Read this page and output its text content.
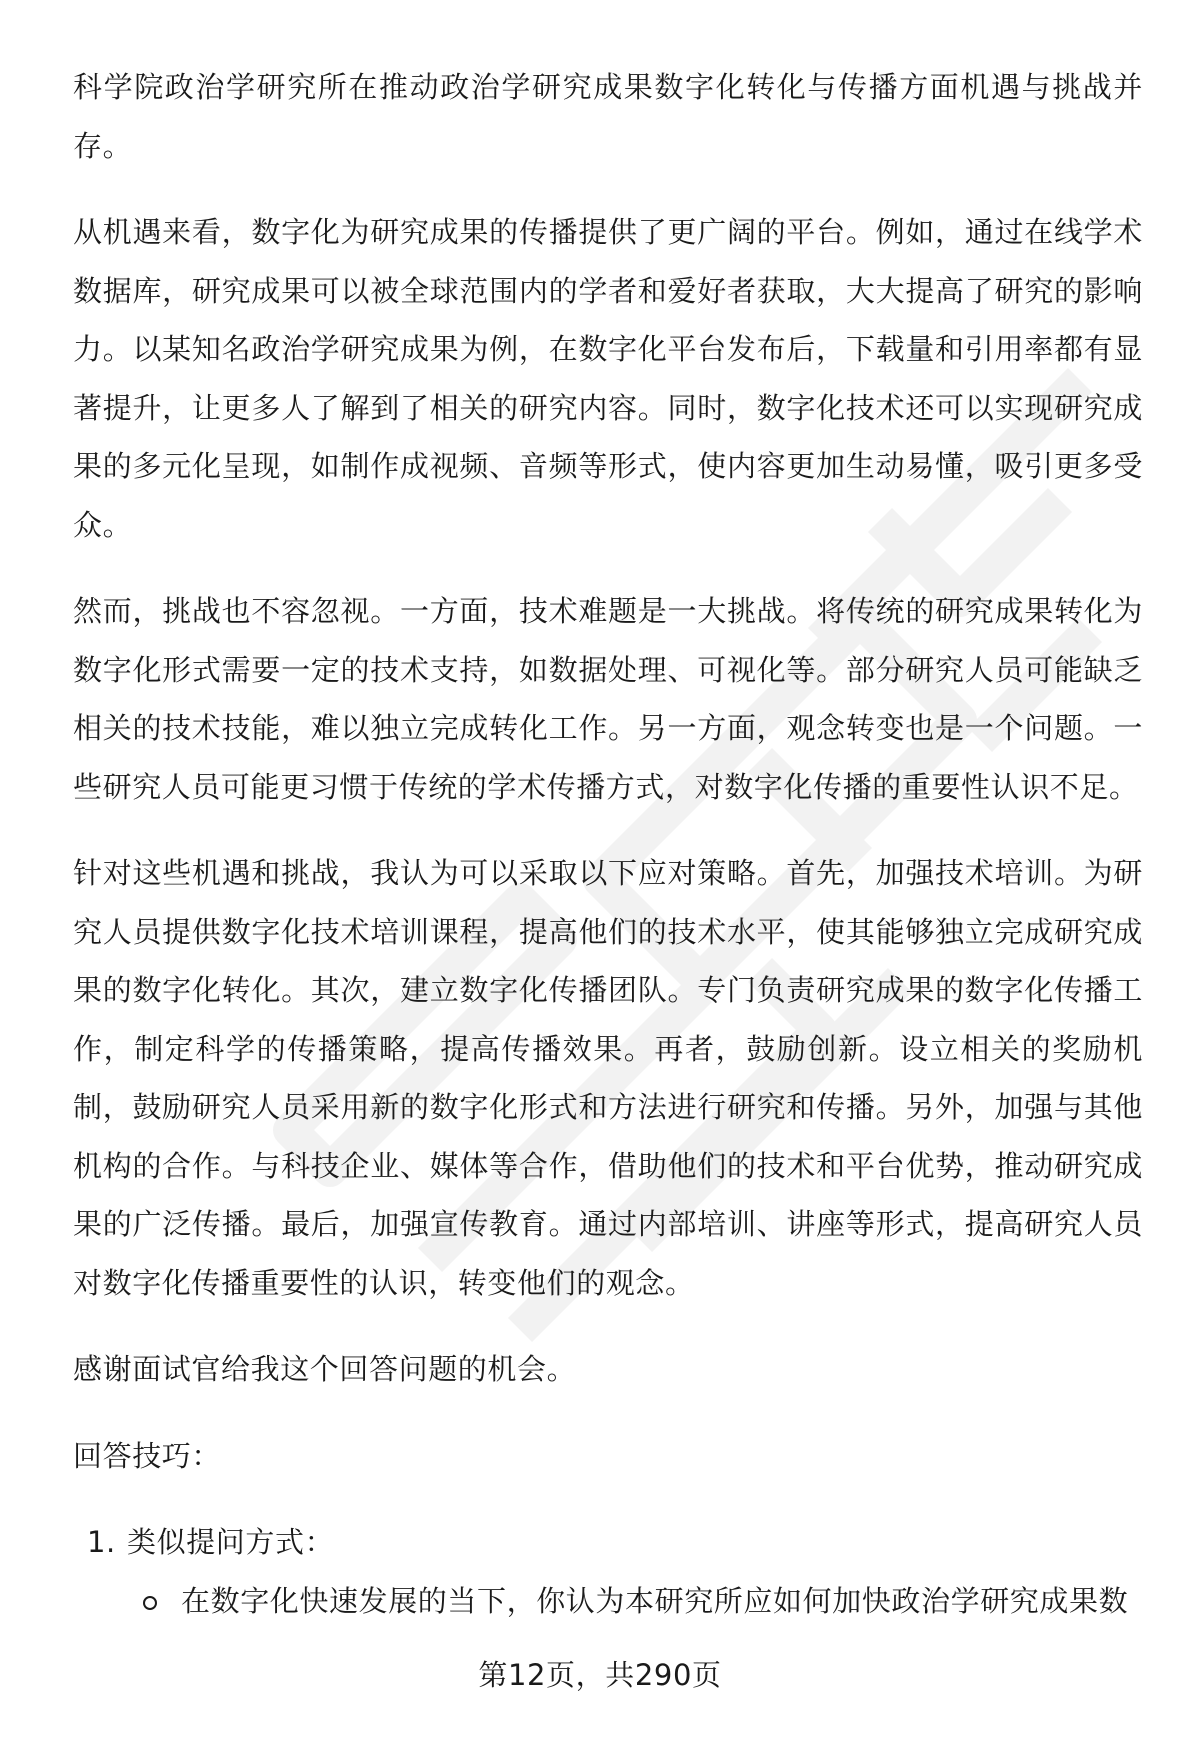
科学院政治学研究所在推动政治学研究成果数字化转化与传播方面机遇与挑战并存。

从机遇来看，数字化为研究成果的传播提供了更广阔的平台。例如，通过在线学术数据库，研究成果可以被全球范围内的学者和爱好者获取，大大提高了研究的影响力。以某知名政治学研究成果为例，在数字化平台发布后，下载量和引用率都有显著提升，让更多人了解到了相关的研究内容。同时，数字化技术还可以实现研究成果的多元化呈现，如制作成视频、音频等形式，使内容更加生动易懂，吸引更多受众。

然而，挑战也不容忽视。一方面，技术难题是一大挑战。将传统的研究成果转化为数字化形式需要一定的技术支持，如数据处理、可视化等。部分研究人员可能缺乏相关的技术技能，难以独立完成转化工作。另一方面，观念转变也是一个问题。一些研究人员可能更习惯于传统的学术传播方式，对数字化传播的重要性认识不足。

针对这些机遇和挑战，我认为可以采取以下应对策略。首先，加强技术培训。为研究人员提供数字化技术培训课程，提高他们的技术水平，使其能够独立完成研究成果的数字化转化。其次，建立数字化传播团队。专门负责研究成果的数字化传播工作，制定科学的传播策略，提高传播效果。再者，鼓励创新。设立相关的奖励机制，鼓励研究人员采用新的数字化形式和方法进行研究和传播。另外，加强与其他机构的合作。与科技企业、媒体等合作，借助他们的技术和平台优势，推动研究成果的广泛传播。最后，加强宣传教育。通过内部培训、讲座等形式，提高研究人员对数字化传播重要性的认识，转变他们的观念。

感谢面试官给我这个回答问题的机会。

回答技巧：

1. 类似提问方式：
在数字化快速发展的当下，你认为本研究所应如何加快政治学研究成果数
第12页，共290页
